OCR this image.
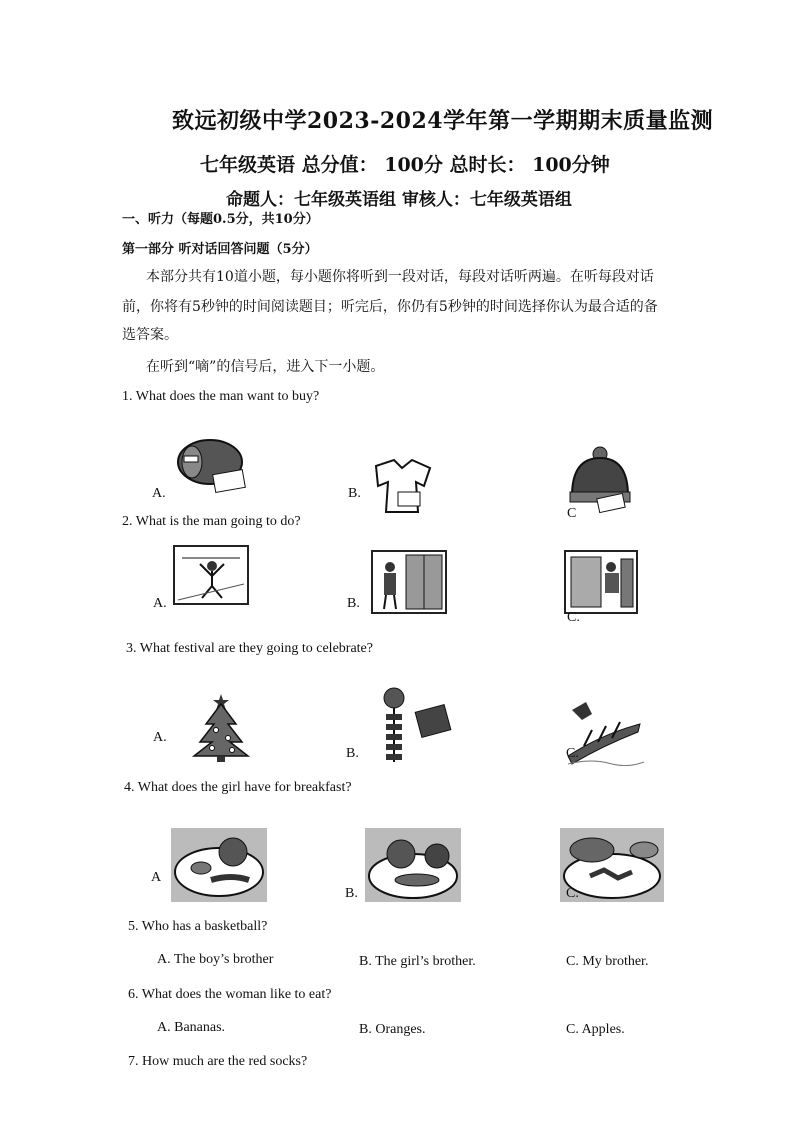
致远初级中学2023-2024学年第一学期期末质量监测
七年级英语 总分值： 100分 总时长： 100分钟
命题人：七年级英语组 审核人：七年级英语组
一、听力（每题0.5分，共10分）
第一部分 听对话回答问题（5分）
本部分共有10道小题，每小题你将听到一段对话，每段对话听两遍。在听每段对话
前，你将有5秒钟的时间阅读题目；听完后，你仍有5秒钟的时间选择你认为最合适的备
选答案。
在听到“嘀”的信号后，进入下一小题。
1. What does the man want to buy?
A.	B.
C
2. What is the man going to do?
A.	B.
C.
3. What festival are they going to celebrate?
A.
B.	C.
4. What does the girl have for breakfast?
A
B.	C.
5. Who has a basketball?
A. The boy’s brother	B. The girl’s brother.	C. My brother.
6. What does the woman like to eat?
A. Bananas.	B. Oranges.	C. Apples.
7. How much are the red socks?
